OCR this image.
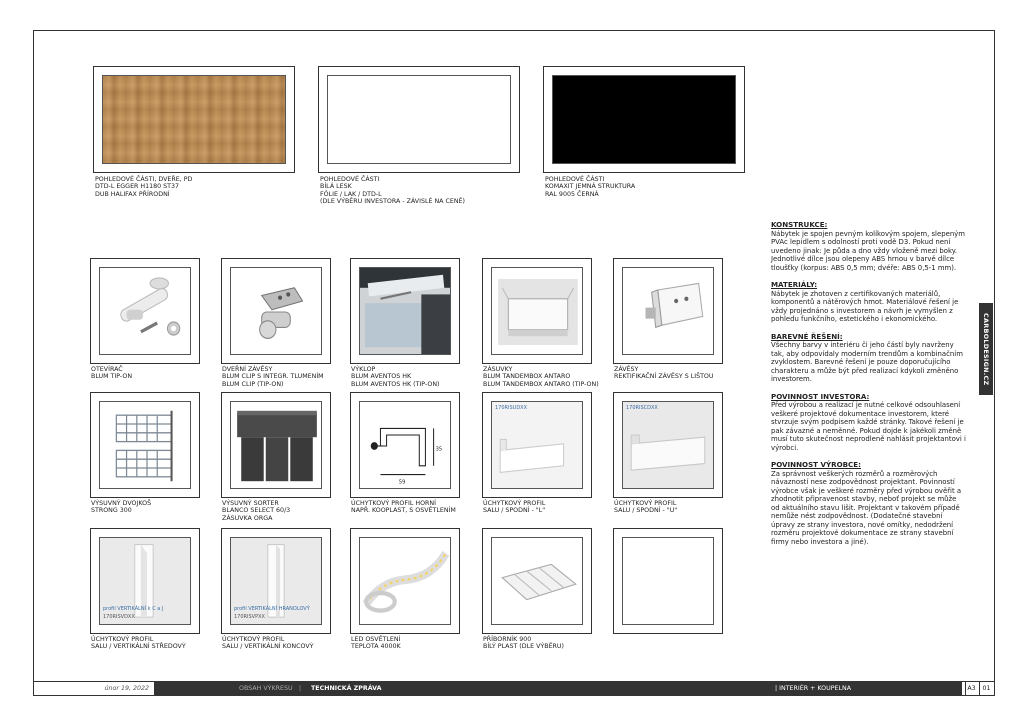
POHLEDOVÉ ČÁSTI, DVEŘE, PD
DTD-L EGGER H1180 ST37
DUB HALIFAX PŘÍRODNÍ
POHLEDOVÉ ČÁSTI
BÍLÁ LESK
FÓLIE / LAK / DTD-L
(DLE VÝBĚRU INVESTORA - ZÁVISLÉ NA CENĚ)
POHLEDOVÉ ČÁSTI
KOMAXIT JEMNÁ STRUKTURA
RAL 9005 ČERNÁ
OTEVÍRAČ
BLUM TIP-ON
DVEŘNÍ ZÁVĚSY
BLUM CLIP S INTEGR. TLUMENÍM
BLUM CLIP (TIP-ON)
VÝKLOP
BLUM AVENTOS HK
BLUM AVENTOS HK (TIP-ON)
ZÁSUVKY
BLUM TANDEMBOX ANTARO
BLUM TANDEMBOX ANTARO (TIP-ON)
ZÁVĚSY
REKTIFIKAČNÍ ZÁVĚSY S LIŠTOU
VÝSUVNÝ DVOJKOŠ
STRONG 300
VÝSUVNÝ SORTER
BLANCO SELECT 60/3
ZÁSUVKA ORGA
59
35
ÚCHYTKOVÝ PROFIL HORNÍ
NAPŘ. KOOPLAST, S OSVĚTLENÍM
170RISUDXX
ÚCHYTKOVÝ PROFIL
SALU / SPODNÍ - "L"
170RISCDXX
ÚCHYTKOVÝ PROFIL
SALU / SPODNÍ - "U"
profil VERTIKÁLNÍ k C a J
170RISVDXX
ÚCHYTKOVÝ PROFIL
SALU / VERTIKÁLNÍ STŘEDOVÝ
profil VERTIKÁLNÍ HRANOLOVÝ
170RISVPXX
ÚCHYTKOVÝ PROFIL
SALU / VERTIKÁLNÍ KONCOVÝ
LED OSVĚTLENÍ
TEPLOTA 4000K
PŘÍBORNÍK 900
BÍLÝ PLAST (DLE VÝBĚRU)
KONSTRUKCE:

Nábytek je spojen pevným kolíkovým spojem, slepeným PVAc lepidlem s odolností proti vodě D3. Pokud není uvedeno jinak: Je půda a dno vždy vloženě mezi boky. Jednotlivé dílce jsou olepeny ABS hrnou v barvě dílce tloušťky (korpus: ABS 0,5 mm; dvéře: ABS 0,5-1 mm).

MATERIÁLY:

Nábytek je zhotoven z certifikovaných materiálů, komponentů a nátěrových hmot. Materiálové řešení je vždy projednáno s investorem a návrh je vymyšlen z pohledu funkčního, estetického i ekonomického.

BAREVNÉ ŘEŠENÍ:

Všechny barvy v interiéru či jeho částí byly navrženy tak, aby odpovídaly moderním trendům a kombinačním zvyklostem. Barevné řešení je pouze doporučujícího charakteru a může být před realizací kdykoli změněno investorem.

POVINNOST INVESTORA:

Před výrobou a realizací je nutné celkové odsouhlasení veškeré projektové dokumentace investorem, které stvrzuje svým podpisem každé stránky. Takové řešení je pak závazné a neměnné. Pokud dojde k jakékoli změně musí tuto skutečnost neprodleně nahlásit projektantovi i výrobci.

POVINNOST VÝROBCE:

Za správnost veškerých rozměrů a rozměrových návazností nese zodpovědnost projektant. Povinností výrobce však je veškeré rozměry před výrobou ověřit a zhodnotit připravenost stavby, neboť projekt se může od aktuálního stavu lišit. Projektant v takovém případě nemůže nést zodpovědnost. (Dodatečné stavební úpravy ze strany investora, nové omítky, nedodržení rozměru projektové dokumentace ze strany stavební firmy nebo investora a jiné).

CARBOLDESIGN.CZ
únor 19, 2022	OBSAH VÝKRESU | TECHNICKÁ ZPRÁVA	| INTERIÉR + KOUPELNA	A3	01
